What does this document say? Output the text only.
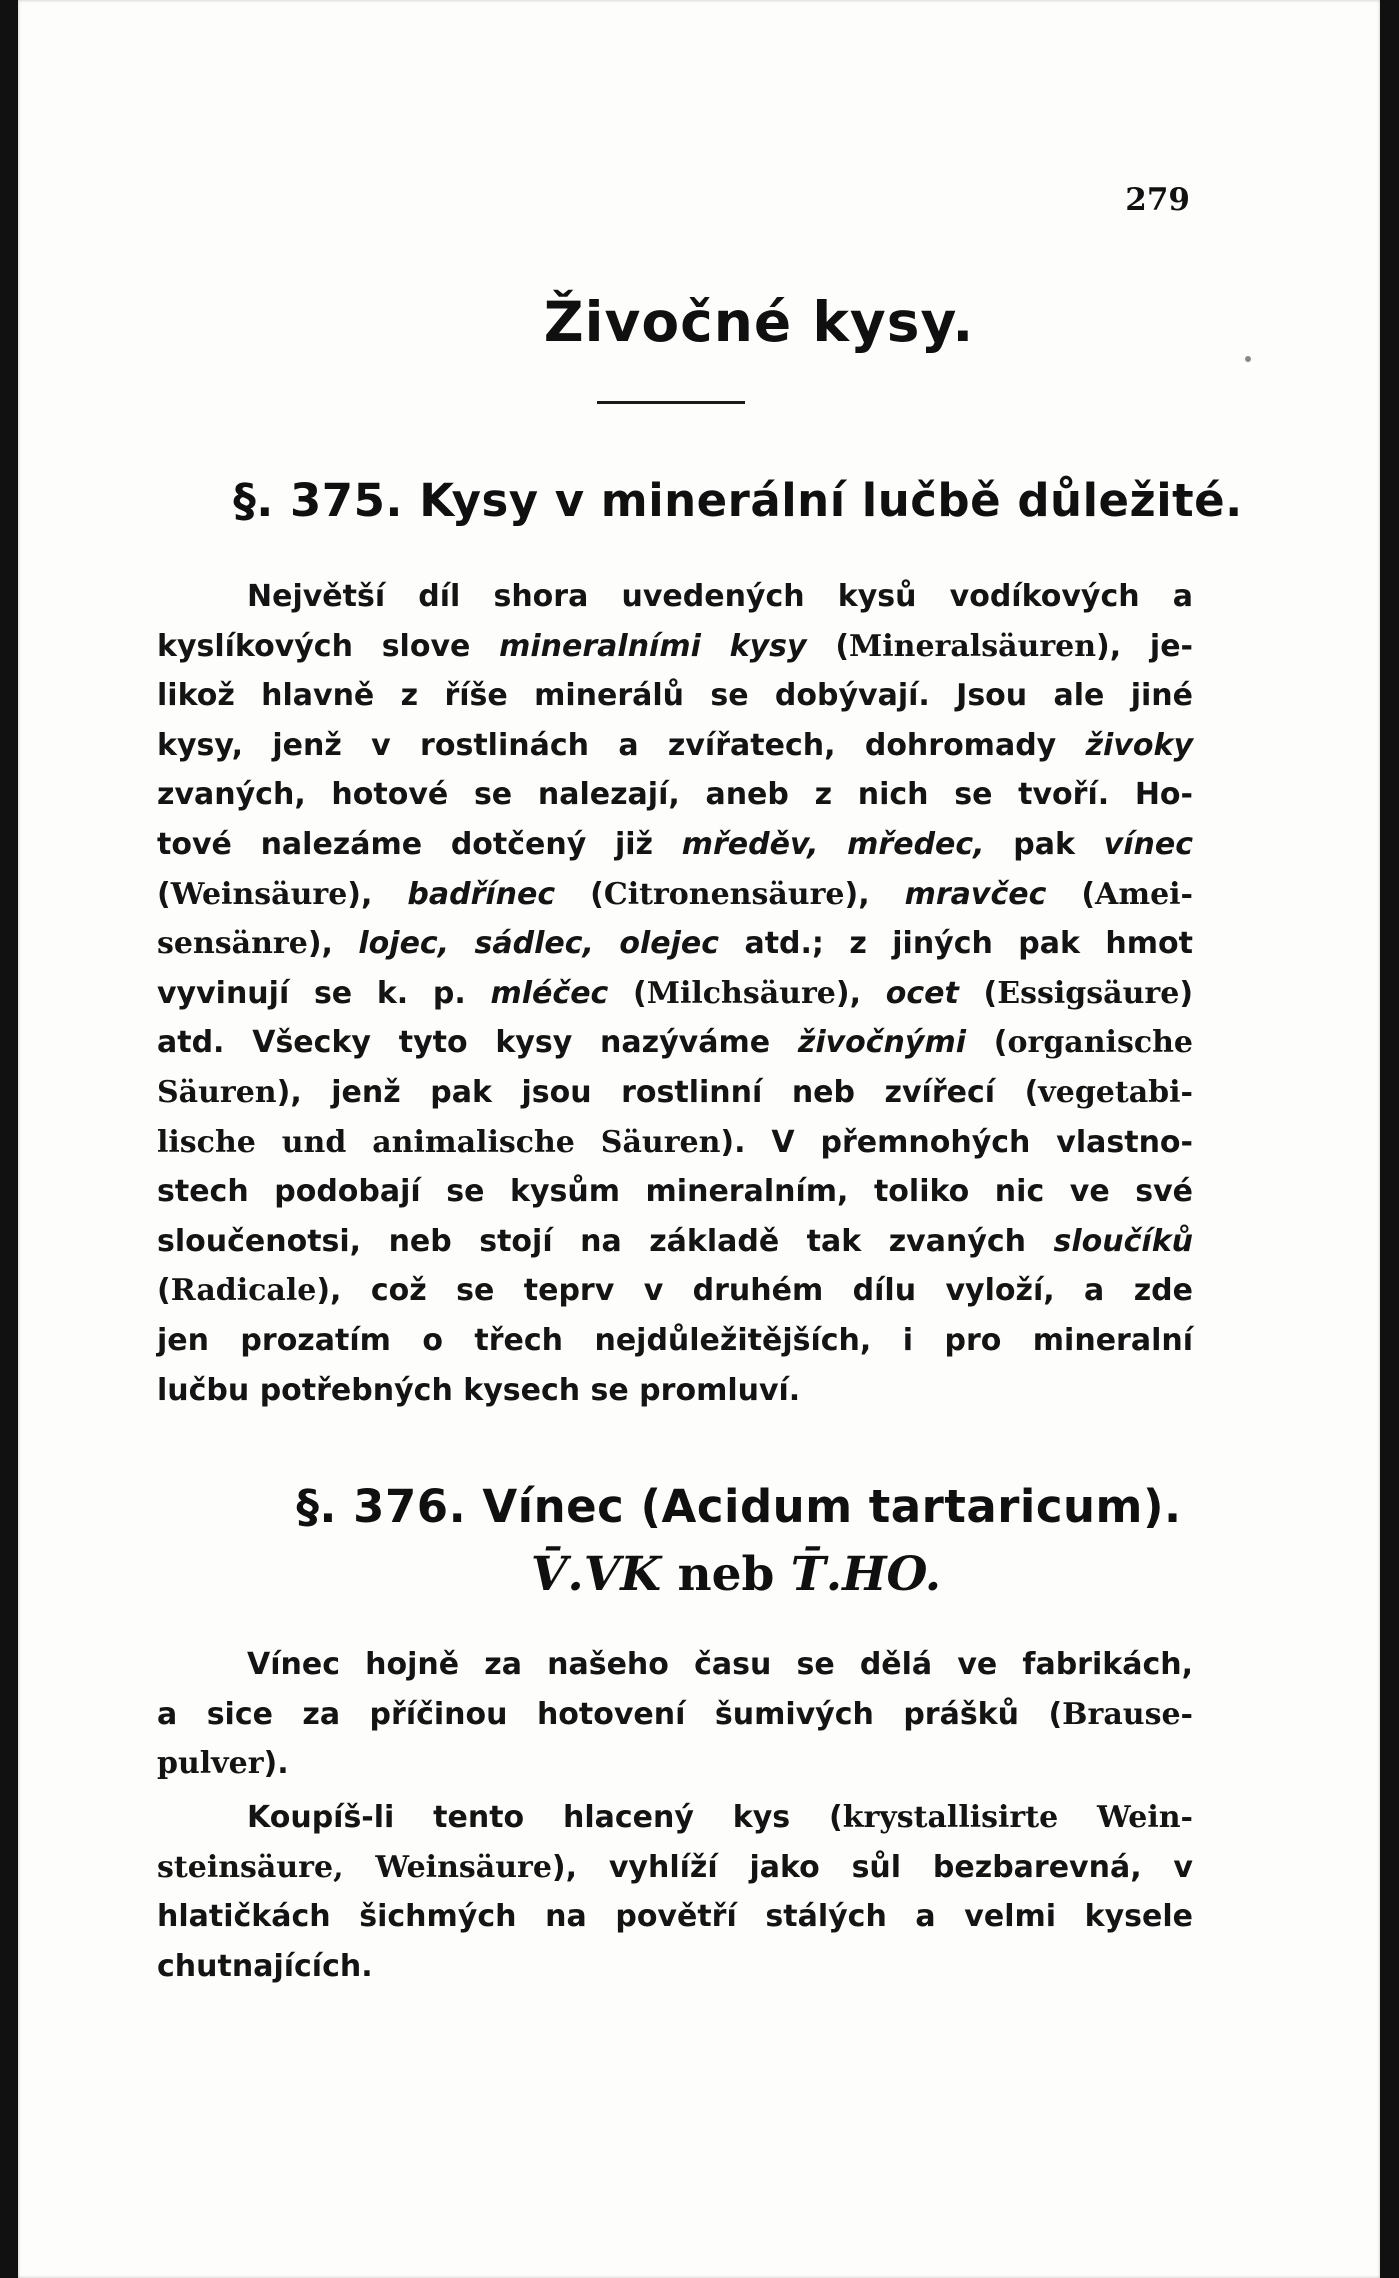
279
Živočné kysy.
§. 375. Kysy v minerální lučbě důležité.
Největší díl shora uvedených kysů vodíkových a
kyslíkových slove mineralními kysy (Mineralsäuren), je-
likož hlavně z říše minerálů se dobývají. Jsou ale jiné
kysy, jenž v rostlinách a zvířatech, dohromady živoky
zvaných, hotové se nalezají, aneb z nich se tvoří. Ho-
tové nalezáme dotčený již mředěv, mředec, pak vínec
(Weinsäure), badřínec (Citronensäure), mravčec (Amei-
sensänre), lojec, sádlec, olejec atd.; z jiných pak hmot
vyvinují se k. p. mléčec (Milchsäure), ocet (Essigsäure)
atd. Všecky tyto kysy nazýváme živočnými (organische
Säuren), jenž pak jsou rostlinní neb zvířecí (vegetabi-
lische und animalische Säuren). V přemnohých vlastno-
stech podobají se kysům mineralním, toliko nic ve své
sloučenotsi, neb stojí na základě tak zvaných sloučíků
(Radicale), což se teprv v druhém dílu vyloží, a zde
jen prozatím o třech nejdůležitějších, i pro mineralní
lučbu potřebných kysech se promluví.
§. 376. Vínec (Acidum tartaricum).
V̄.VK neb T̄.HO.
Vínec hojně za našeho času se dělá ve fabrikách,
a sice za příčinou hotovení šumivých prášků (Brause-
pulver).
Koupíš-li tento hlacený kys (krystallisirte Wein-
steinsäure, Weinsäure), vyhlíží jako sůl bezbarevná, v
hlatičkách šichmých na povětří stálých a velmi kysele
chutnajících.
